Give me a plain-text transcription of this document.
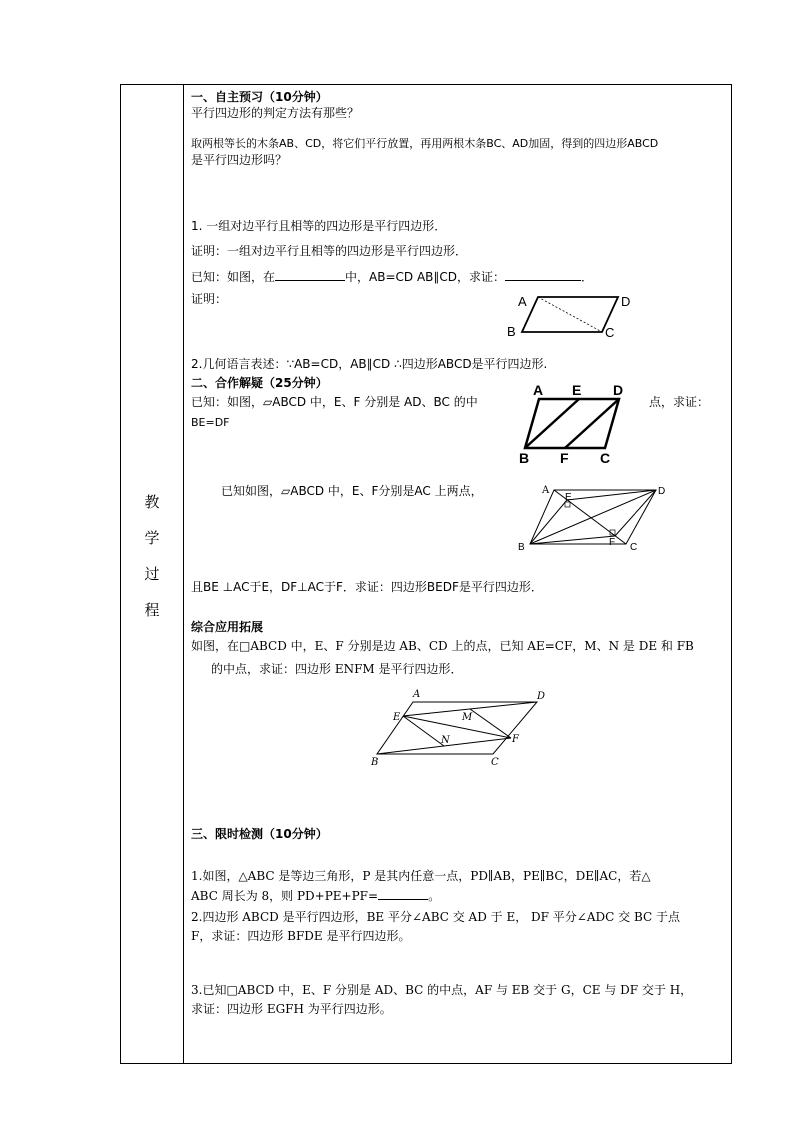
教
学
过
程
一、自主预习（10分钟）
平行四边形的判定方法有那些？
取两根等长的木条AB、CD，将它们平行放置，再用两根木条BC、AD加固，得到的四边形ABCD
是平行四边形吗？
1. 一组对边平行且相等的四边形是平行四边形．
证明：一组对边平行且相等的四边形是平行四边形．
已知：如图，在	中，AB=CD AB∥CD，求证：	．
证明：
2.几何语言表述：∵AB=CD，AB∥CD ∴四边形ABCD是平行四边形.
二、合作解疑（25分钟）
已知：如图，▱ABCD 中，E、F 分别是 AD、BC 的中	点，求证：
BE=DF
已知如图，▱ABCD 中，E、F分别是AC 上两点，
且BE ⊥AC于E，DF⊥AC于F．求证：四边形BEDF是平行四边形．
综合应用拓展
如图，在□ABCD 中，E、F 分别是边 AB、CD 上的点，已知 AE=CF，M、N 是 DE 和 FB
的中点，求证：四边形 ENFM 是平行四边形．
三、限时检测（10分钟）
1.如图，△ABC 是等边三角形，P 是其内任意一点，PD∥AB，PE∥BC，DE∥AC，若△
ABC 周长为 8，则 PD+PE+PF=	。
2.四边形 ABCD 是平行四边形，BE 平分∠ABC 交 AD 于 E， DF 平分∠ADC 交 BC 于点
F，求证：四边形 BFDE 是平行四边形。
3.已知□ABCD 中，E、F 分别是 AD、BC 的中点，AF 与 EB 交于 G，CE 与 DF 交于 H，
求证：四边形 EGFH 为平行四边形。
A	D
B	C
A E D
B F C
A	D
E
B	F C
A	D
E	M
N	F
B	C
